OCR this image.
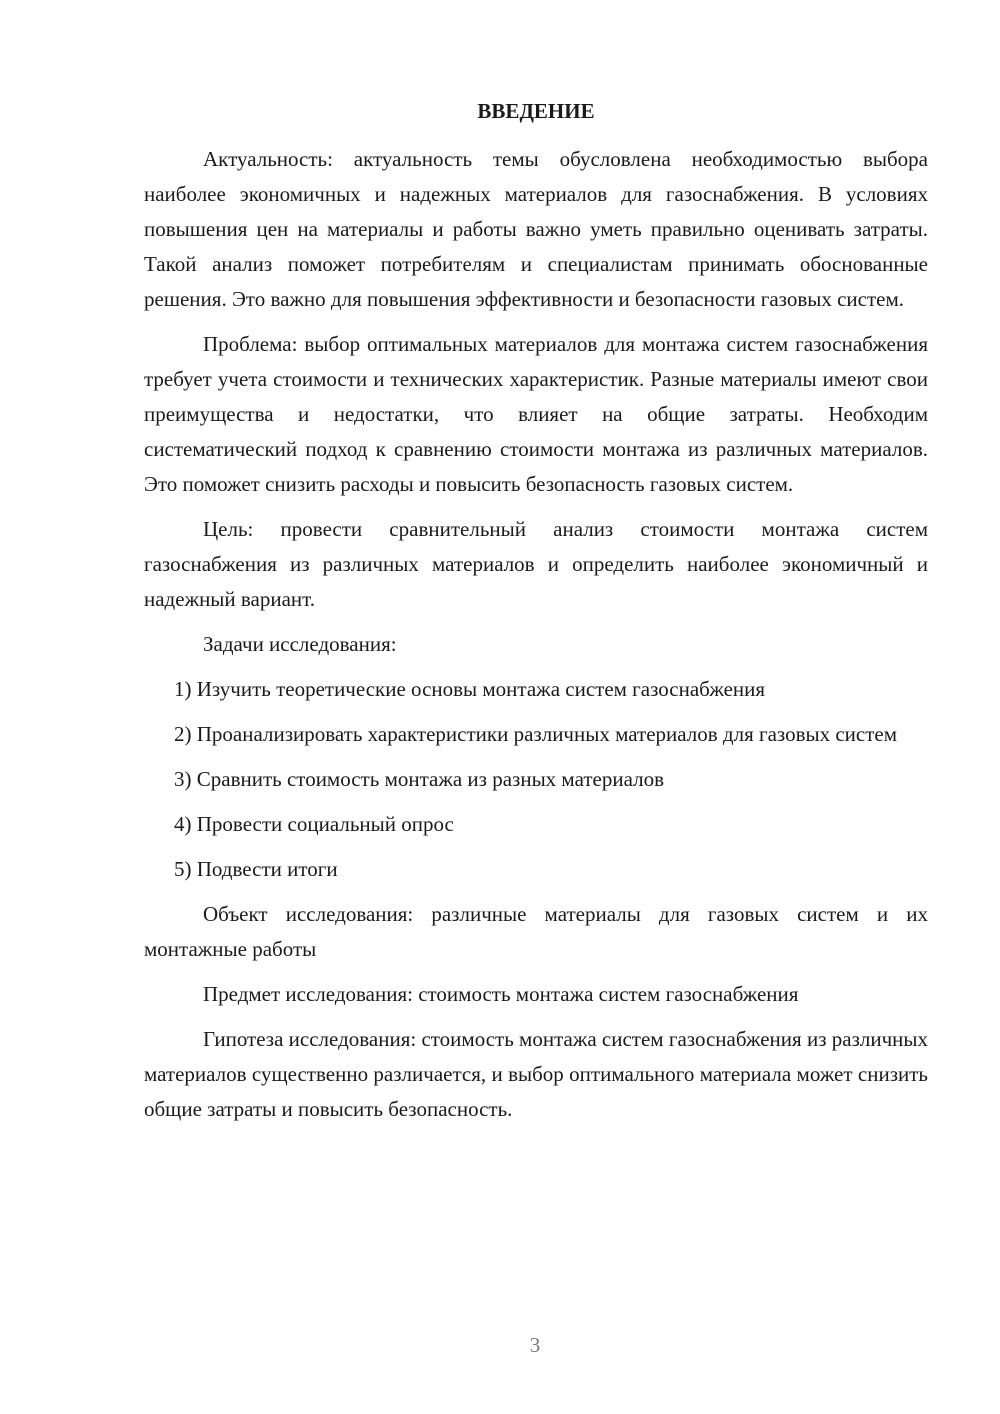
ВВЕДЕНИЕ

Актуальность: актуальность темы обусловлена необходимостью выбора наиболее экономичных и надежных материалов для газоснабжения. В условиях повышения цен на материалы и работы важно уметь правильно оценивать затраты. Такой анализ поможет потребителям и специалистам принимать обоснованные решения. Это важно для повышения эффективности и безопасности газовых систем.

Проблема: выбор оптимальных материалов для монтажа систем газоснабжения требует учета стоимости и технических характеристик. Разные материалы имеют свои преимущества и недостатки, что влияет на общие затраты. Необходим систематический подход к сравнению стоимости монтажа из различных материалов. Это поможет снизить расходы и повысить безопасность газовых систем.

Цель: провести сравнительный анализ стоимости монтажа систем газоснабжения из различных материалов и определить наиболее экономичный и надежный вариант.

Задачи исследования:

1) Изучить теоретические основы монтажа систем газоснабжения

2) Проанализировать характеристики различных материалов для газовых систем

3) Сравнить стоимость монтажа из разных материалов

4) Провести социальный опрос

5) Подвести итоги

Объект исследования: различные материалы для газовых систем и их монтажные работы

Предмет исследования: стоимость монтажа систем газоснабжения

Гипотеза исследования: стоимость монтажа систем газоснабжения из различных материалов существенно различается, и выбор оптимального материала может снизить общие затраты и повысить безопасность.

3
